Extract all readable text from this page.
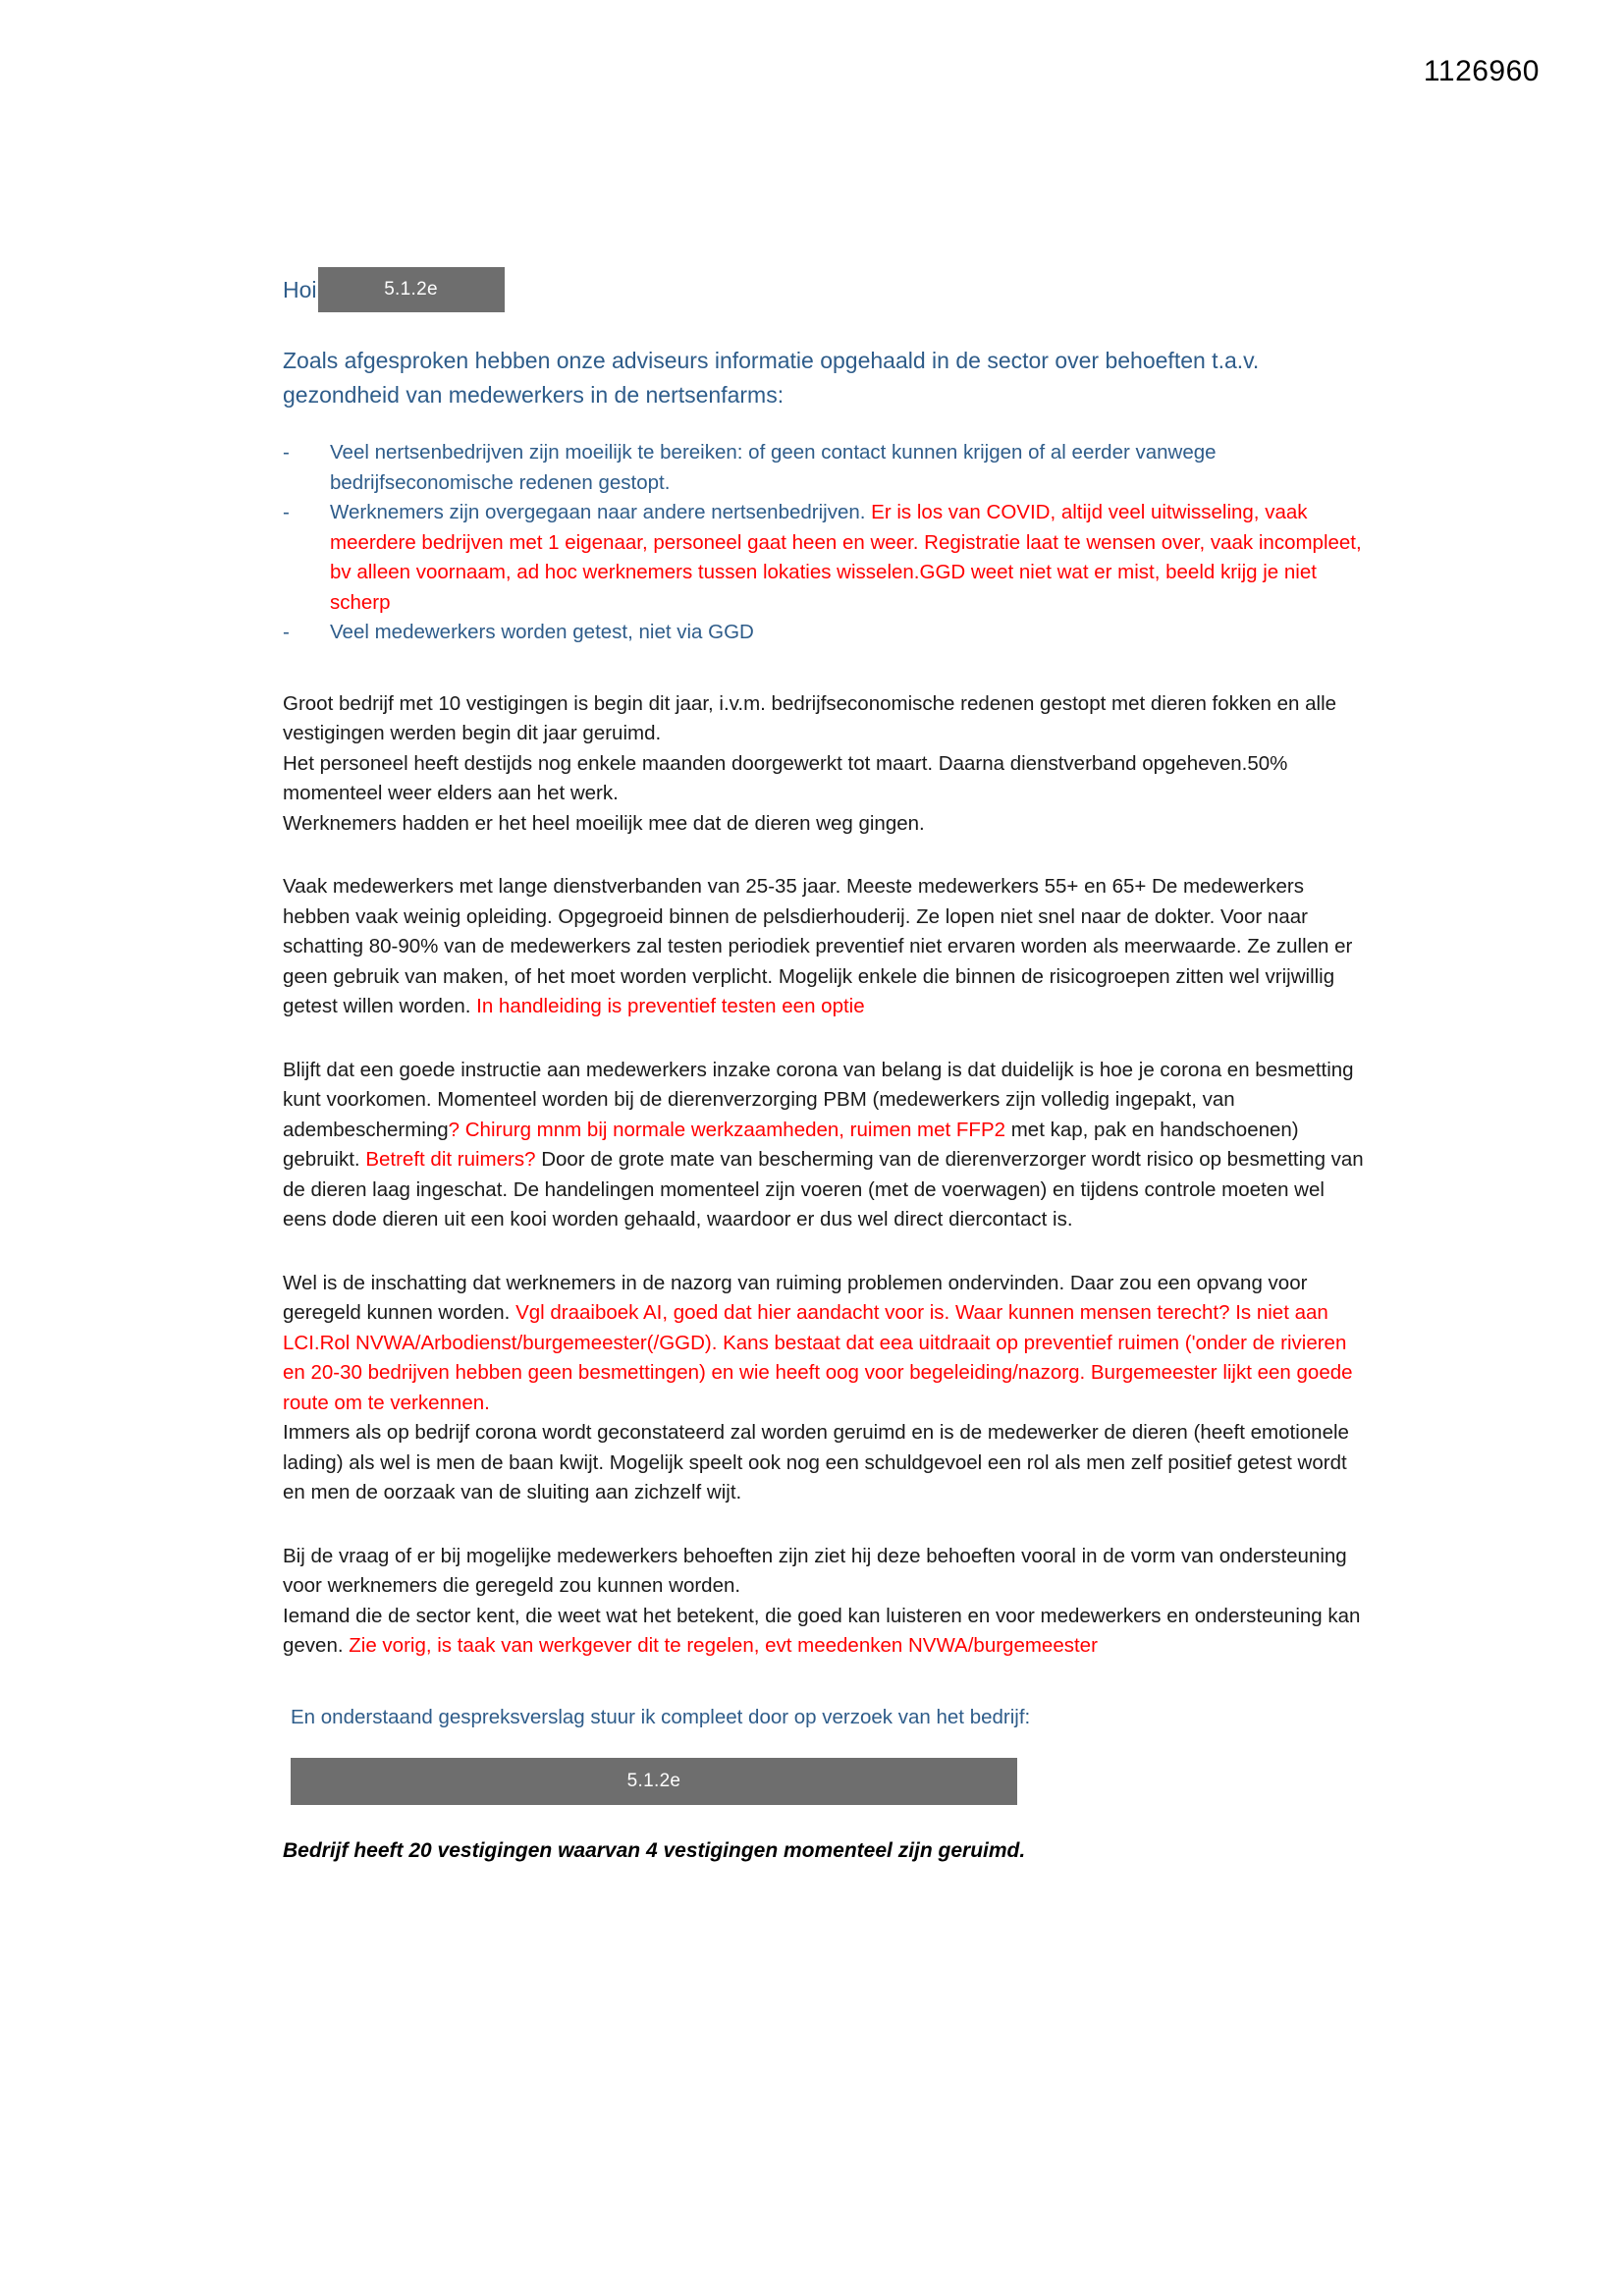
1126960
Hoi	5.1.2e
Zoals afgesproken hebben onze adviseurs informatie opgehaald in de sector over behoeften t.a.v. gezondheid van medewerkers in de nertsenfarms:
- Veel nertsenbedrijven zijn moeilijk te bereiken: of geen contact kunnen krijgen of al eerder vanwege bedrijfseconomische redenen gestopt.
- Werknemers zijn overgegaan naar andere nertsenbedrijven. Er is los van COVID, altijd veel uitwisseling, vaak meerdere bedrijven met 1 eigenaar, personeel gaat heen en weer. Registratie laat te wensen over, vaak incompleet, bv alleen voornaam, ad hoc werknemers tussen lokaties wisselen.GGD weet niet wat er mist, beeld krijg je niet scherp
- Veel medewerkers worden getest, niet via GGD

Groot bedrijf met 10 vestigingen is begin dit jaar, i.v.m. bedrijfseconomische redenen gestopt met dieren fokken en alle vestigingen werden begin dit jaar geruimd.

Het personeel heeft destijds nog enkele maanden doorgewerkt tot maart. Daarna dienstverband opgeheven.50% momenteel weer elders aan het werk.

Werknemers hadden er het heel moeilijk mee dat de dieren weg gingen.

Vaak medewerkers met lange dienstverbanden van 25-35 jaar. Meeste medewerkers 55+ en 65+ De medewerkers hebben vaak weinig opleiding. Opgegroeid binnen de pelsdierhouderij. Ze lopen niet snel naar de dokter. Voor naar schatting 80-90% van de medewerkers zal testen periodiek preventief niet ervaren worden als meerwaarde. Ze zullen er geen gebruik van maken, of het moet worden verplicht. Mogelijk enkele die binnen de risicogroepen zitten wel vrijwillig getest willen worden. In handleiding is preventief testen een optie

Blijft dat een goede instructie aan medewerkers inzake corona van belang is dat duidelijk is hoe je corona en besmetting kunt voorkomen. Momenteel worden bij de dierenverzorging PBM (medewerkers zijn volledig ingepakt, van adembescherming? Chirurg mnm bij normale werkzaamheden, ruimen met FFP2 met kap, pak en handschoenen) gebruikt. Betreft dit ruimers? Door de grote mate van bescherming van de dierenverzorger wordt risico op besmetting van de dieren laag ingeschat. De handelingen momenteel zijn voeren (met de voerwagen) en tijdens controle moeten wel eens dode dieren uit een kooi worden gehaald, waardoor er dus wel direct diercontact is.

Wel is de inschatting dat werknemers in de nazorg van ruiming problemen ondervinden. Daar zou een opvang voor geregeld kunnen worden. Vgl draaiboek AI, goed dat hier aandacht voor is. Waar kunnen mensen terecht? Is niet aan LCI.Rol NVWA/Arbodienst/burgemeester(/GGD). Kans bestaat dat eea uitdraait op preventief ruimen ('onder de rivieren en 20-30 bedrijven hebben geen besmettingen) en wie heeft oog voor begeleiding/nazorg. Burgemeester lijkt een goede route om te verkennen.

Immers als op bedrijf corona wordt geconstateerd zal worden geruimd en is de medewerker de dieren (heeft emotionele lading) als wel is men de baan kwijt. Mogelijk speelt ook nog een schuldgevoel een rol als men zelf positief getest wordt en men de oorzaak van de sluiting aan zichzelf wijt.

Bij de vraag of er bij mogelijke medewerkers behoeften zijn ziet hij deze behoeften vooral in de vorm van ondersteuning voor werknemers die geregeld zou kunnen worden.

Iemand die de sector kent, die weet wat het betekent, die goed kan luisteren en voor medewerkers en ondersteuning kan geven. Zie vorig, is taak van werkgever dit te regelen, evt meedenken NVWA/burgemeester

En onderstaand gespreksverslag stuur ik compleet door op verzoek van het bedrijf:
5.1.2e
Bedrijf heeft 20 vestigingen waarvan 4 vestigingen momenteel zijn geruimd.
